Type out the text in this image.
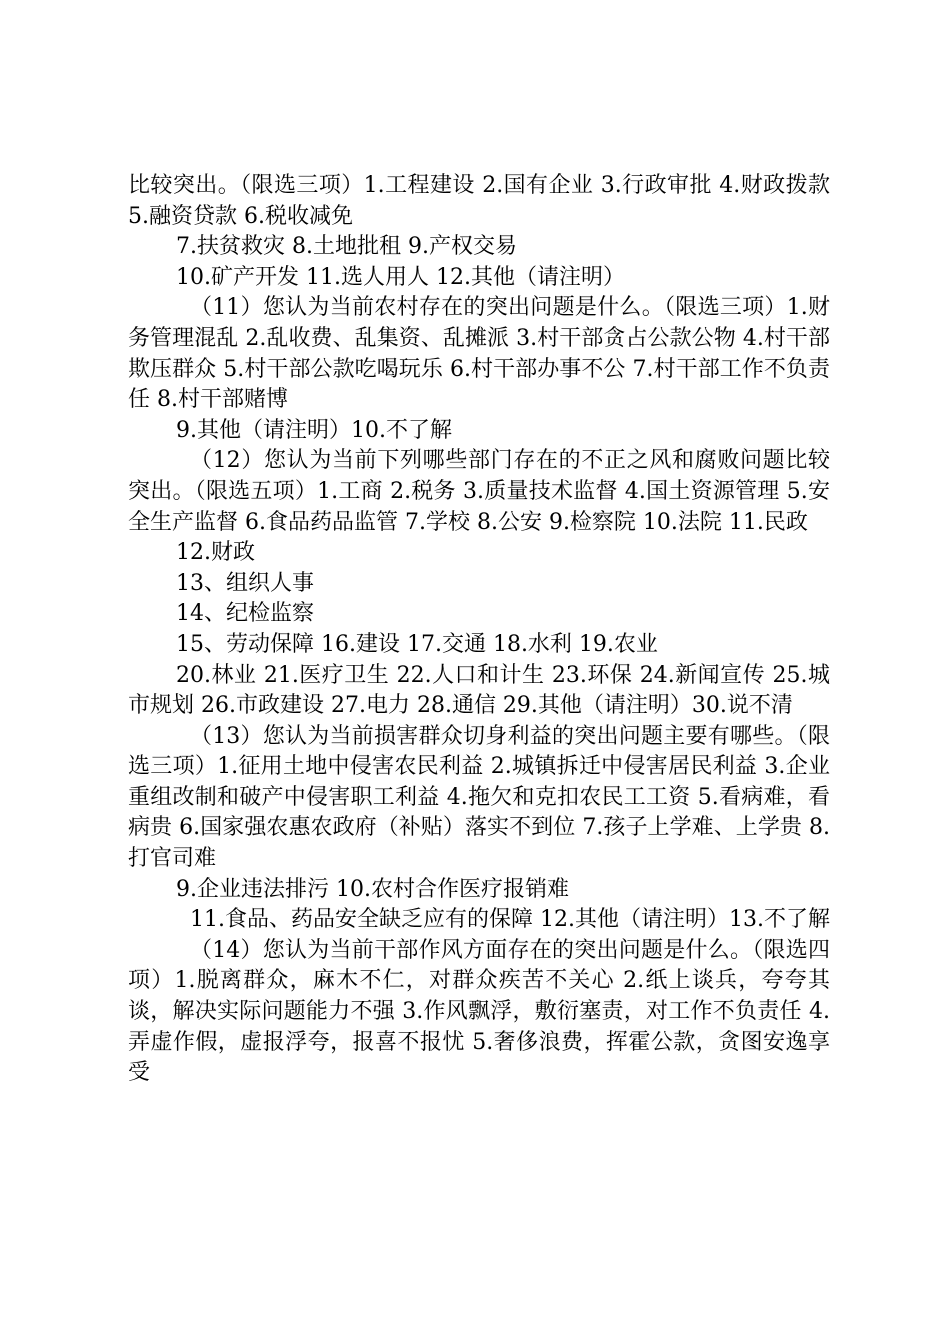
比较突出。（限选三项）1.工程建设 2.国有企业 3.行政审批 4.财政拨款 5.融资贷款 6.税收减免

7.扶贫救灾 8.土地批租 9.产权交易

10.矿产开发 11.选人用人 12.其他（请注明）

（11）您认为当前农村存在的突出问题是什么。（限选三项）1.财务管理混乱 2.乱收费、乱集资、乱摊派 3.村干部贪占公款公物 4.村干部欺压群众 5.村干部公款吃喝玩乐 6.村干部办事不公 7.村干部工作不负责任 8.村干部赌博

9.其他（请注明）10.不了解

（12）您认为当前下列哪些部门存在的不正之风和腐败问题比较突出。（限选五项）1.工商 2.税务 3.质量技术监督 4.国土资源管理 5.安全生产监督 6.食品药品监管 7.学校 8.公安 9.检察院 10.法院 11.民政

12.财政

13、组织人事

14、纪检监察

15、劳动保障 16.建设 17.交通 18.水利 19.农业

20.林业 21.医疗卫生 22.人口和计生 23.环保 24.新闻宣传 25.城市规划 26.市政建设 27.电力 28.通信 29.其他（请注明）30.说不清

（13）您认为当前损害群众切身利益的突出问题主要有哪些。（限选三项）1.征用土地中侵害农民利益 2.城镇拆迁中侵害居民利益 3.企业重组改制和破产中侵害职工利益 4.拖欠和克扣农民工工资 5.看病难，看病贵 6.国家强农惠农政府（补贴）落实不到位 7.孩子上学难、上学贵 8.打官司难

9.企业违法排污 10.农村合作医疗报销难

11.食品、药品安全缺乏应有的保障 12.其他（请注明）13.不了解

（14）您认为当前干部作风方面存在的突出问题是什么。（限选四项）1.脱离群众，麻木不仁，对群众疾苦不关心 2.纸上谈兵，夸夸其谈，解决实际问题能力不强 3.作风飘浮，敷衍塞责，对工作不负责任 4.弄虚作假，虚报浮夸，报喜不报忧 5.奢侈浪费，挥霍公款，贪图安逸享受
